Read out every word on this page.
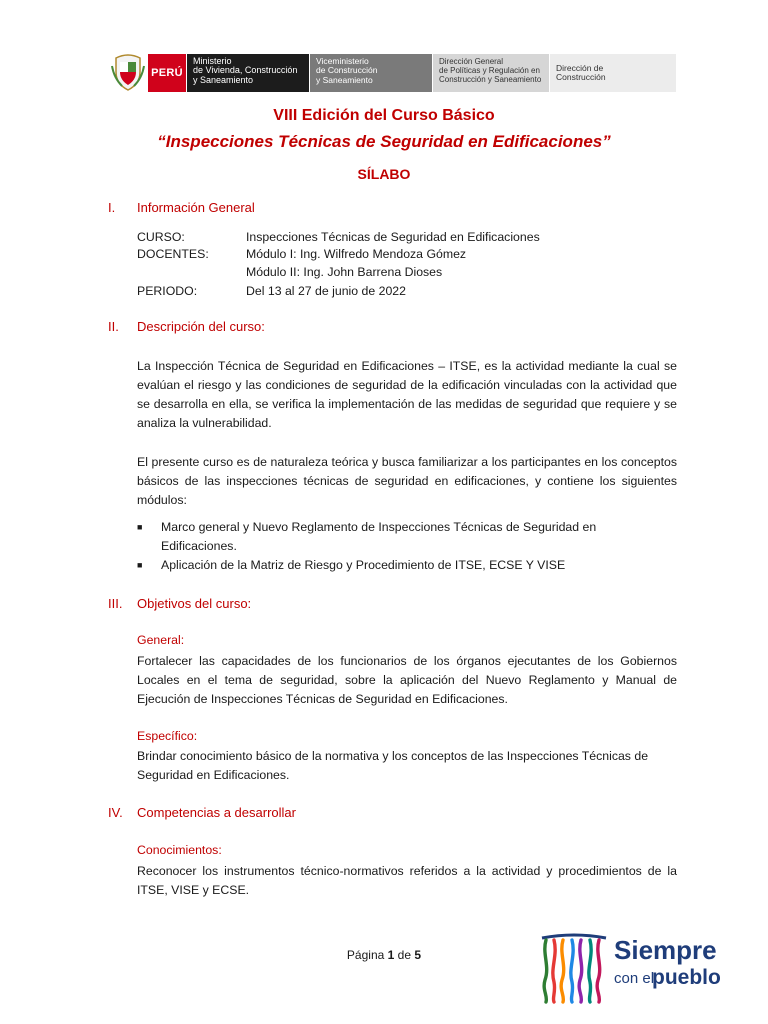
PERÚ
Ministerio
de Vivienda, Construcción
y Saneamiento
Viceministerio
de Construcción
y Saneamiento
Dirección General
de Políticas y Regulación en
Construcción y Saneamiento
Dirección de
Construcción
VIII Edición del Curso Básico
“Inspecciones Técnicas de Seguridad en Edificaciones”
SÍLABO
I. Información General
CURSO:	Inspecciones Técnicas de Seguridad en Edificaciones
DOCENTES:	Módulo I: Ing. Wilfredo Mendoza Gómez
Módulo II: Ing. John Barrena Dioses
PERIODO:	Del 13 al 27 de junio de 2022
II. Descripción del curso:
La Inspección Técnica de Seguridad en Edificaciones – ITSE, es la actividad mediante la cual se evalúan el riesgo y las condiciones de seguridad de la edificación vinculadas con la actividad que se desarrolla en ella, se verifica la implementación de las medidas de seguridad que requiere y se analiza la vulnerabilidad.
El presente curso es de naturaleza teórica y busca familiarizar a los participantes en los conceptos básicos de las inspecciones técnicas de seguridad en edificaciones, y contiene los siguientes módulos:
■ Marco general y Nuevo Reglamento de Inspecciones Técnicas de Seguridad en Edificaciones.
■ Aplicación de la Matriz de Riesgo y Procedimiento de ITSE, ECSE Y VISE
III. Objetivos del curso:
General:
Fortalecer las capacidades de los funcionarios de los órganos ejecutantes de los Gobiernos Locales en el tema de seguridad, sobre la aplicación del Nuevo Reglamento y Manual de Ejecución de Inspecciones Técnicas de Seguridad en Edificaciones.
Específico:
Brindar conocimiento básico de la normativa y los conceptos de las Inspecciones Técnicas de Seguridad en Edificaciones.
IV. Competencias a desarrollar
Conocimientos:
Reconocer los instrumentos técnico-normativos referidos a la actividad y procedimientos de la ITSE, VISE y ECSE.
Página 1 de 5	Siempre
con el
pueblo
